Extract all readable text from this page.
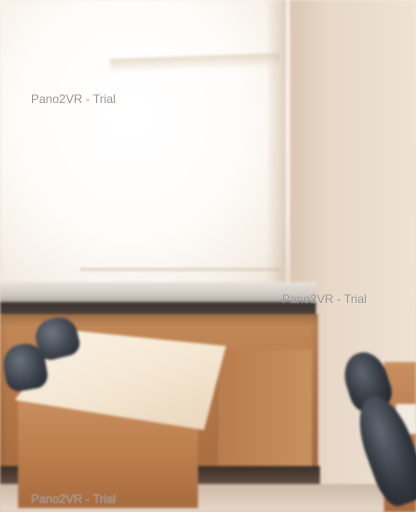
Pano2VR - Trial
Pano2VR - Trial
Pano2VR - Trial
